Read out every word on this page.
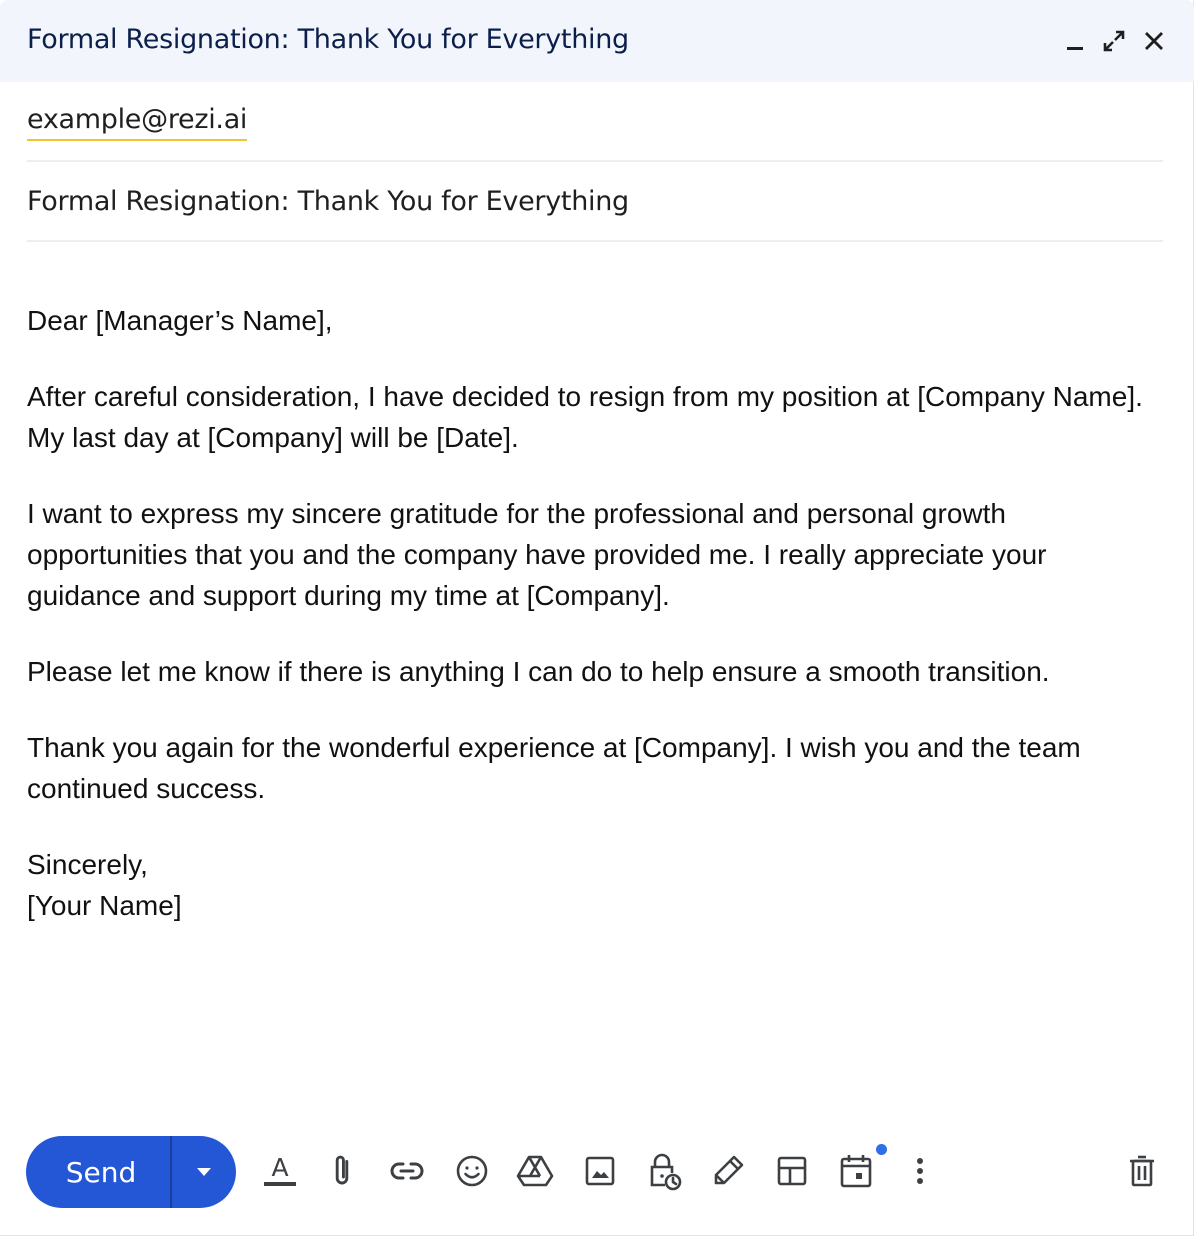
Formal Resignation: Thank You for Everything
example@rezi.ai
Formal Resignation: Thank You for Everything

Dear [Manager’s Name],

After careful consideration, I have decided to resign from my position at [Company Name]. My last day at [Company] will be [Date].

I want to express my sincere gratitude for the professional and personal growth opportunities that you and the company have provided me. I really appreciate your guidance and support during my time at [Company].

Please let me know if there is anything I can do to help ensure a smooth transition.

Thank you again for the wonderful experience at [Company]. I wish you and the team continued success.

Sincerely,

[Your Name]

Send	A
